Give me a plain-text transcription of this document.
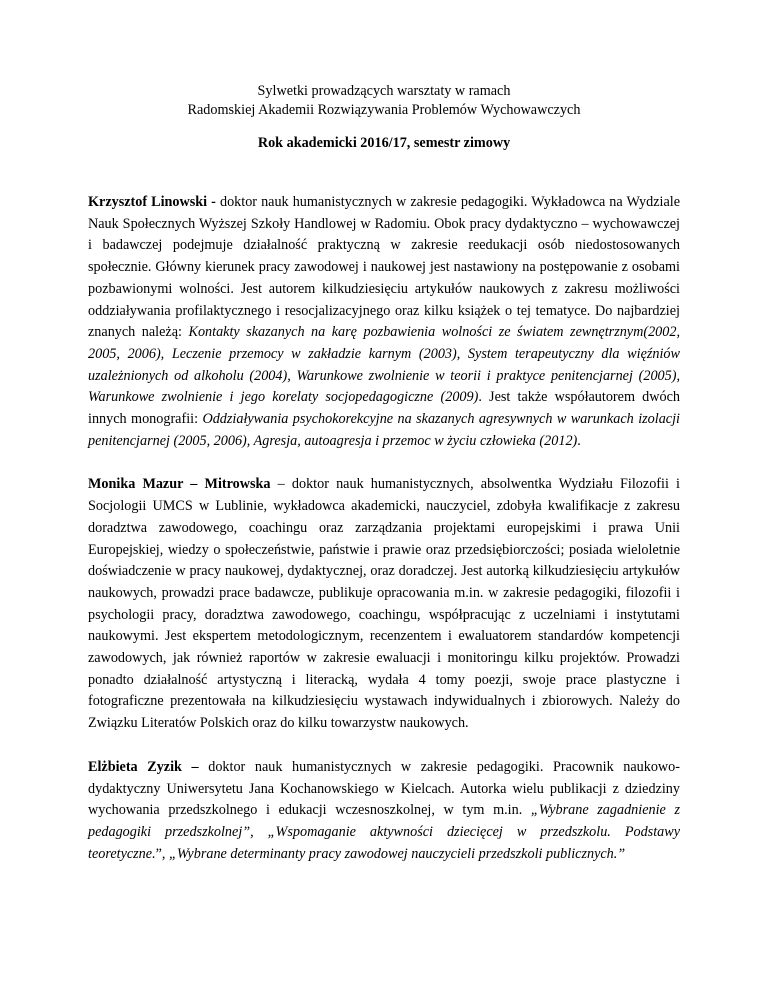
Sylwetki prowadzących warsztaty w ramach
Radomskiej Akademii Rozwiązywania Problemów Wychowawczych
Rok akademicki 2016/17, semestr zimowy

Krzysztof Linowski - doktor nauk humanistycznych w zakresie pedagogiki. Wykładowca na Wydziale Nauk Społecznych Wyższej Szkoły Handlowej w Radomiu. Obok pracy dydaktyczno – wychowawczej i badawczej podejmuje działalność praktyczną w zakresie reedukacji osób niedostosowanych społecznie. Główny kierunek pracy zawodowej i naukowej jest nastawiony na postępowanie z osobami pozbawionymi wolności. Jest autorem kilkudziesięciu artykułów naukowych z zakresu możliwości oddziaływania profilaktycznego i resocjalizacyjnego oraz kilku książek o tej tematyce. Do najbardziej znanych należą: Kontakty skazanych na karę pozbawienia wolności ze światem zewnętrznym(2002, 2005, 2006), Leczenie przemocy w zakładzie karnym (2003), System terapeutyczny dla więźniów uzależnionych od alkoholu (2004), Warunkowe zwolnienie w teorii i praktyce penitencjarnej (2005), Warunkowe zwolnienie i jego korelaty socjopedagogiczne (2009). Jest także współautorem dwóch innych monografii: Oddziaływania psychokorekcyjne na skazanych agresywnych w warunkach izolacji penitencjarnej (2005, 2006), Agresja, autoagresja i przemoc w życiu człowieka (2012).

Monika Mazur – Mitrowska – doktor nauk humanistycznych, absolwentka Wydziału Filozofii i Socjologii UMCS w Lublinie, wykładowca akademicki, nauczyciel, zdobyła kwalifikacje z zakresu doradztwa zawodowego, coachingu oraz zarządzania projektami europejskimi i prawa Unii Europejskiej, wiedzy o społeczeństwie, państwie i prawie oraz przedsiębiorczości; posiada wieloletnie doświadczenie w pracy naukowej, dydaktycznej, oraz doradczej. Jest autorką kilkudziesięciu artykułów naukowych, prowadzi prace badawcze, publikuje opracowania m.in. w zakresie pedagogiki, filozofii i psychologii pracy, doradztwa zawodowego, coachingu, współpracując z uczelniami i instytutami naukowymi. Jest ekspertem metodologicznym, recenzentem i ewaluatorem standardów kompetencji zawodowych, jak również raportów w zakresie ewaluacji i monitoringu kilku projektów. Prowadzi ponadto działalność artystyczną i literacką, wydała 4 tomy poezji, swoje prace plastyczne i fotograficzne prezentowała na kilkudziesięciu wystawach indywidualnych i zbiorowych. Należy do Związku Literatów Polskich oraz do kilku towarzystw naukowych.

Elżbieta Zyzik – doktor nauk humanistycznych w zakresie pedagogiki. Pracownik naukowo-dydaktyczny Uniwersytetu Jana Kochanowskiego w Kielcach. Autorka wielu publikacji z dziedziny wychowania przedszkolnego i edukacji wczesnoszkolnej, w tym m.in. „Wybrane zagadnienie z pedagogiki przedszkolnej”, „Wspomaganie aktywności dziecięcej w przedszkolu. Podstawy teoretyczne.”, „Wybrane determinanty pracy zawodowej nauczycieli przedszkoli publicznych.”
